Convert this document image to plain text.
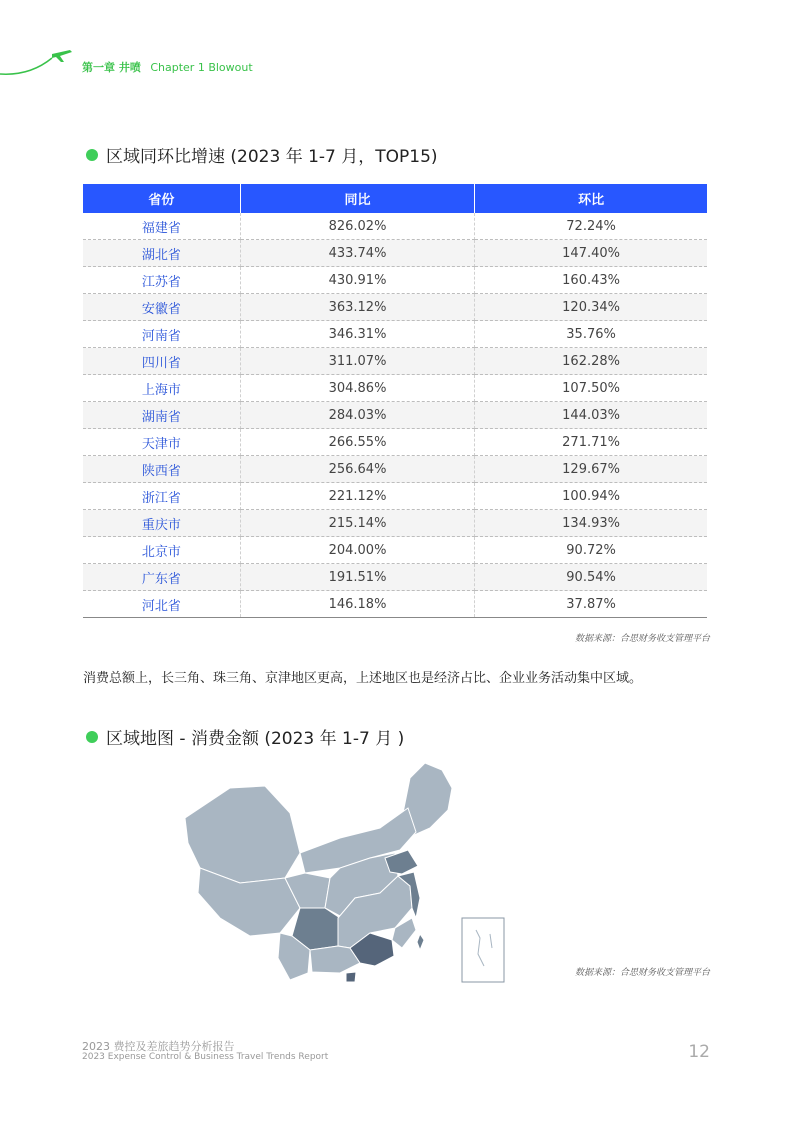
第一章 井喷 Chapter 1 Blowout
区域同环比增速 (2023 年 1-7 月，TOP15)
省份	同比	环比
福建省	826.02%	72.24%
湖北省	433.74%	147.40%
江苏省	430.91%	160.43%
安徽省	363.12%	120.34%
河南省	346.31%	35.76%
四川省	311.07%	162.28%
上海市	304.86%	107.50%
湖南省	284.03%	144.03%
天津市	266.55%	271.71%
陕西省	256.64%	129.67%
浙江省	221.12%	100.94%
重庆市	215.14%	134.93%
北京市	204.00%	90.72%
广东省	191.51%	90.54%
河北省	146.18%	37.87%
数据来源：合思财务收支管理平台
消费总额上，长三角、珠三角、京津地区更高，上述地区也是经济占比、企业业务活动集中区域。
区域地图 - 消费金额 (2023 年 1-7 月 )
数据来源：合思财务收支管理平台
2023 费控及差旅趋势分析报告
2023 Expense Control & Business Travel Trends Report	12
